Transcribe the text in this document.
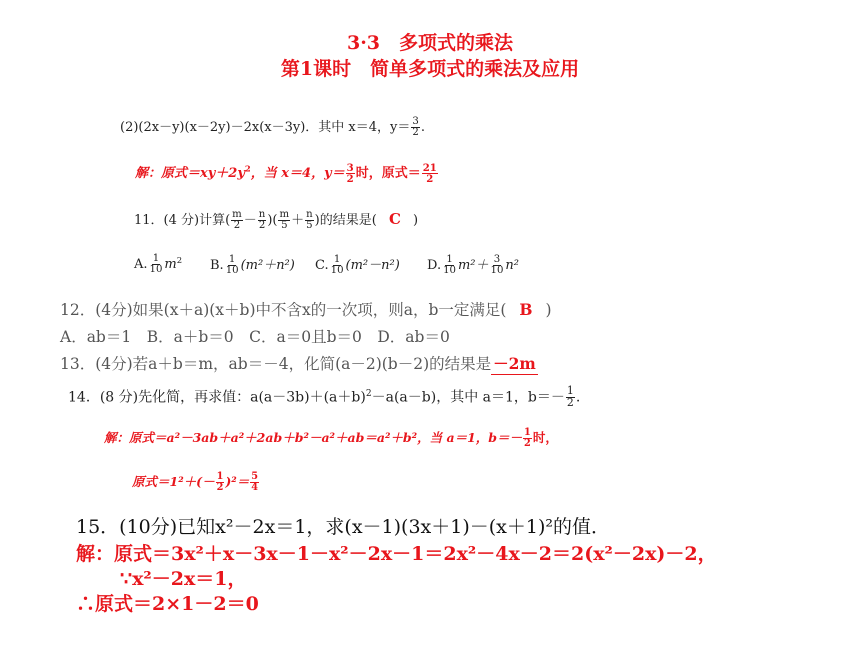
3·3　多项式的乘法
第1课时　简单多项式的乘法及应用
(2)(2x－y)(x－2y)－2x(x－3y)．其中 x＝4，$y= \frac{3}{2}$ .
解：原式$=xy+2y^2$，当 x＝4，$y= \frac{3}{2}$ 时，原式＝ $\frac{21}{2}$
11．(4 分)计算( $\frac{m}{2} - \frac{n}{2}$ )( $\frac{m}{5} + \frac{n}{5}$ )的结果是( C )
A. $\frac{1}{10} m^2$ B. $\frac{1}{10} (m^2+n^2)$ C. $\frac{1}{10} (m^2-n^2)$ D. $\frac{1}{10} m^2+ \frac{3}{10} n^2$
12．(4分)如果(x＋a)(x＋b)中不含x的一次项，则a，b一定满足( B )
A．ab＝1　B．a＋b＝0　C．a＝0且b＝0　D．ab＝0
13．(4分)若a＋b＝m，ab＝－4，化简(a－2)(b－2)的结果是 －2m
14．(8 分)先化简，再求值：$a(a-3b)+(a+b)^2-a(a-b)$，其中 a＝1，$b=- \frac{1}{2}$ .
解：原式＝a²－3ab＋a²＋2ab＋b²－a²＋ab＝a²＋b²，当 a＝1，$b=- \frac{1}{2}$ 时，
原式$=1^2+(- \frac{1}{2} )^2= \frac{5}{4}$
15．(10分)已知x²－2x＝1，求(x－1)(3x＋1)－(x＋1)²的值．
解：原式＝3x²＋x－3x－1－x²－2x－1＝2x²－4x－2＝2(x²－2x)－2，
∵x²－2x＝1，
∴原式＝2×1－2＝0
